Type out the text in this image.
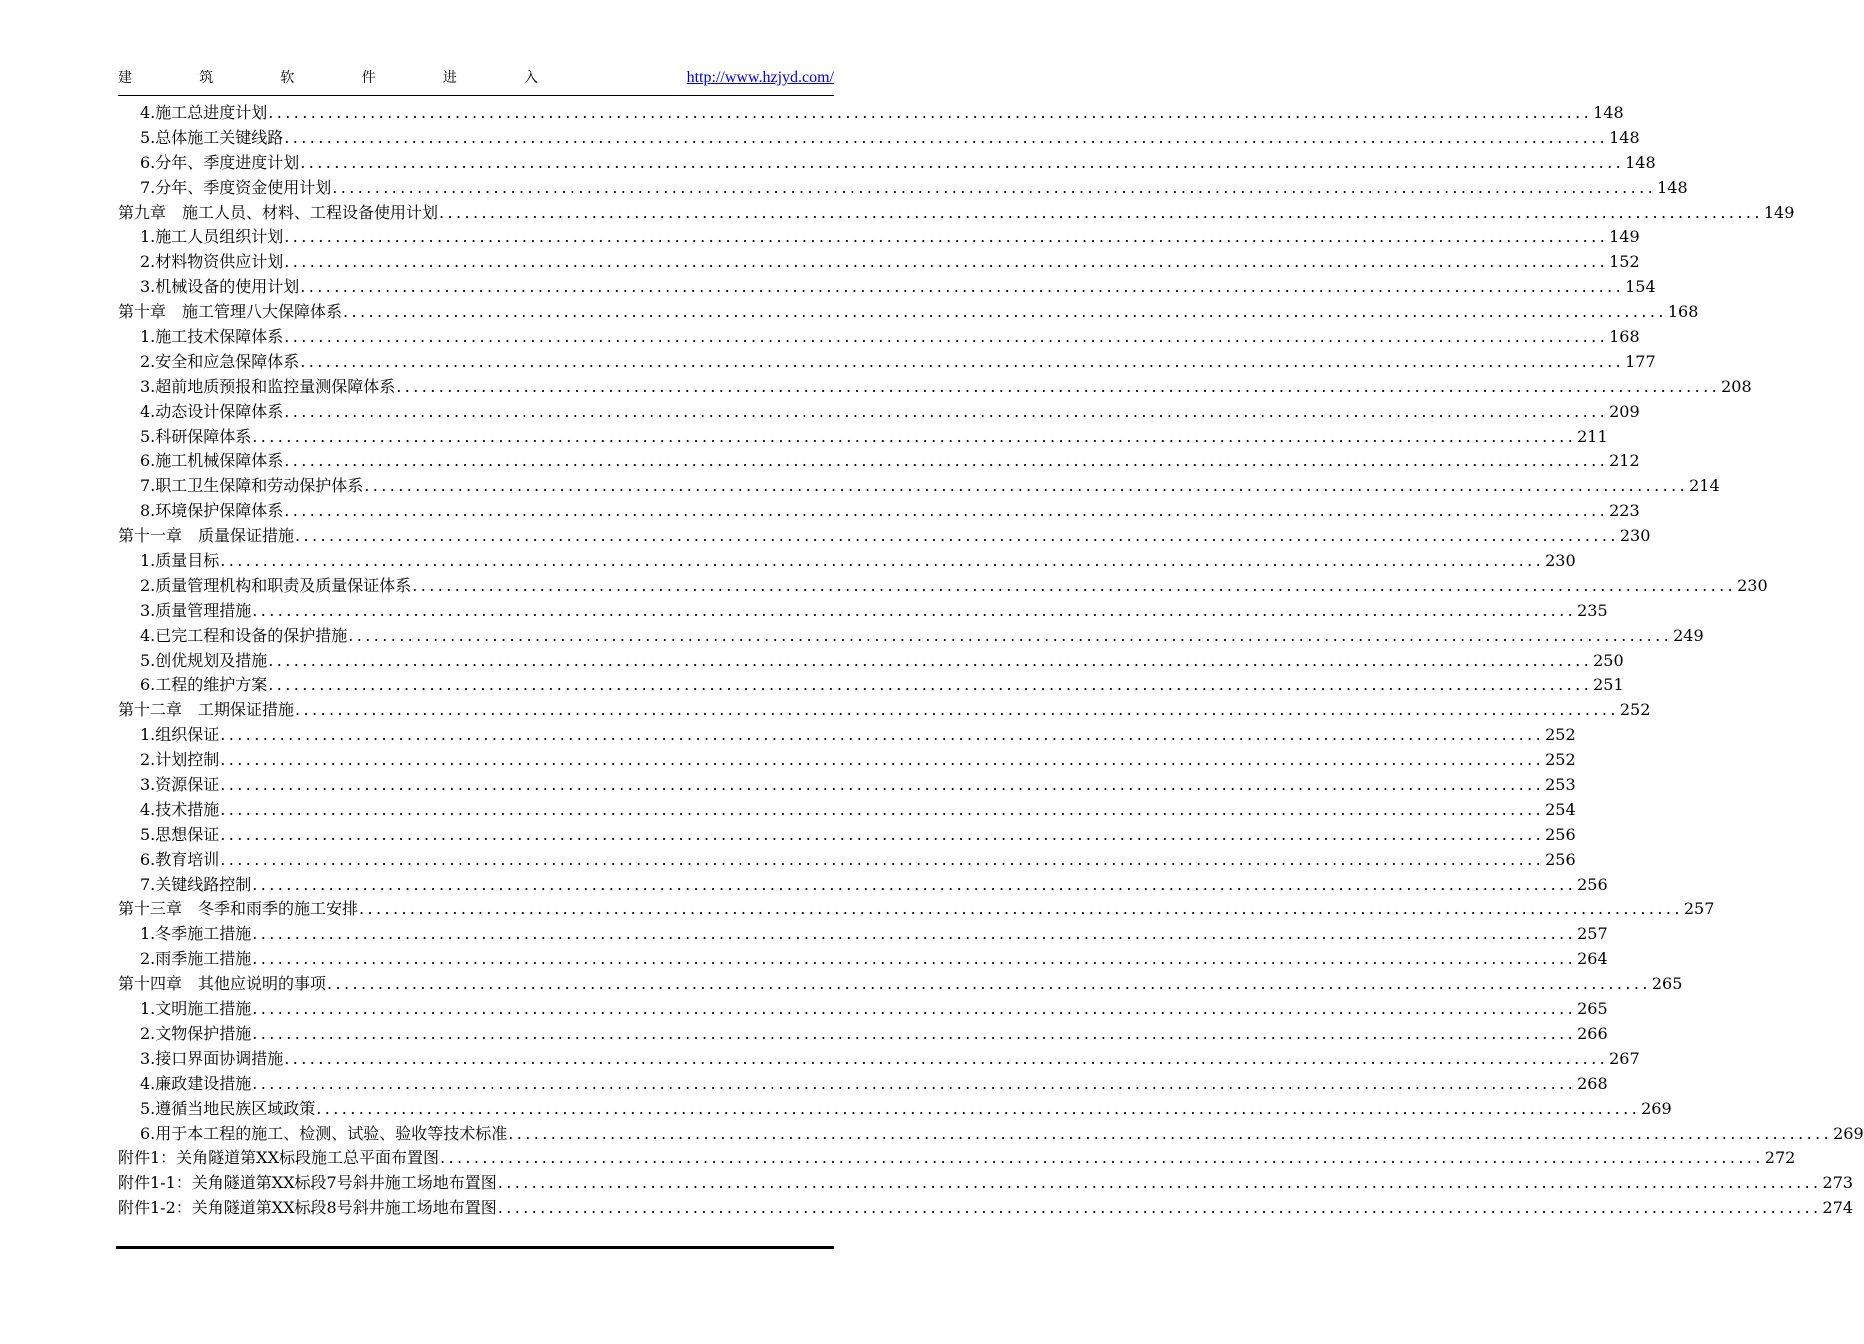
建	筑	软	件	进	入	http://www.hzjyd.com/
4.施工总进度计划 ............................................................................................................................................................ 148
5.总体施工关键线路 ............................................................................................................................................................ 148
6.分年、季度进度计划 ............................................................................................................................................................ 148
7.分年、季度资金使用计划 ............................................................................................................................................................ 148
第九章　施工人员、材料、工程设备使用计划 ............................................................................................................................................................ 149
1.施工人员组织计划 ............................................................................................................................................................ 149
2.材料物资供应计划 ............................................................................................................................................................ 152
3.机械设备的使用计划 ............................................................................................................................................................ 154
第十章　施工管理八大保障体系 ............................................................................................................................................................ 168
1.施工技术保障体系 ............................................................................................................................................................ 168
2.安全和应急保障体系 ............................................................................................................................................................ 177
3.超前地质预报和监控量测保障体系 ............................................................................................................................................................ 208
4.动态设计保障体系 ............................................................................................................................................................ 209
5.科研保障体系 ............................................................................................................................................................ 211
6.施工机械保障体系 ............................................................................................................................................................ 212
7.职工卫生保障和劳动保护体系 ............................................................................................................................................................ 214
8.环境保护保障体系 ............................................................................................................................................................ 223
第十一章　质量保证措施 ............................................................................................................................................................ 230
1.质量目标 ............................................................................................................................................................ 230
2.质量管理机构和职责及质量保证体系 ............................................................................................................................................................ 230
3.质量管理措施 ............................................................................................................................................................ 235
4.已完工程和设备的保护措施 ............................................................................................................................................................ 249
5.创优规划及措施 ............................................................................................................................................................ 250
6.工程的维护方案 ............................................................................................................................................................ 251
第十二章　工期保证措施 ............................................................................................................................................................ 252
1.组织保证 ............................................................................................................................................................ 252
2.计划控制 ............................................................................................................................................................ 252
3.资源保证 ............................................................................................................................................................ 253
4.技术措施 ............................................................................................................................................................ 254
5.思想保证 ............................................................................................................................................................ 256
6.教育培训 ............................................................................................................................................................ 256
7.关键线路控制 ............................................................................................................................................................ 256
第十三章　冬季和雨季的施工安排 ............................................................................................................................................................ 257
1.冬季施工措施 ............................................................................................................................................................ 257
2.雨季施工措施 ............................................................................................................................................................ 264
第十四章　其他应说明的事项 ............................................................................................................................................................ 265
1.文明施工措施 ............................................................................................................................................................ 265
2.文物保护措施 ............................................................................................................................................................ 266
3.接口界面协调措施 ............................................................................................................................................................ 267
4.廉政建设措施 ............................................................................................................................................................ 268
5.遵循当地民族区域政策 ............................................................................................................................................................ 269
6.用于本工程的施工、检测、试验、验收等技术标准 ............................................................................................................................................................ 269
附件1：关角隧道第XX标段施工总平面布置图 ............................................................................................................................................................ 272
附件1-1：关角隧道第XX标段7号斜井施工场地布置图 ............................................................................................................................................................ 273
附件1-2：关角隧道第XX标段8号斜井施工场地布置图 ............................................................................................................................................................ 274
